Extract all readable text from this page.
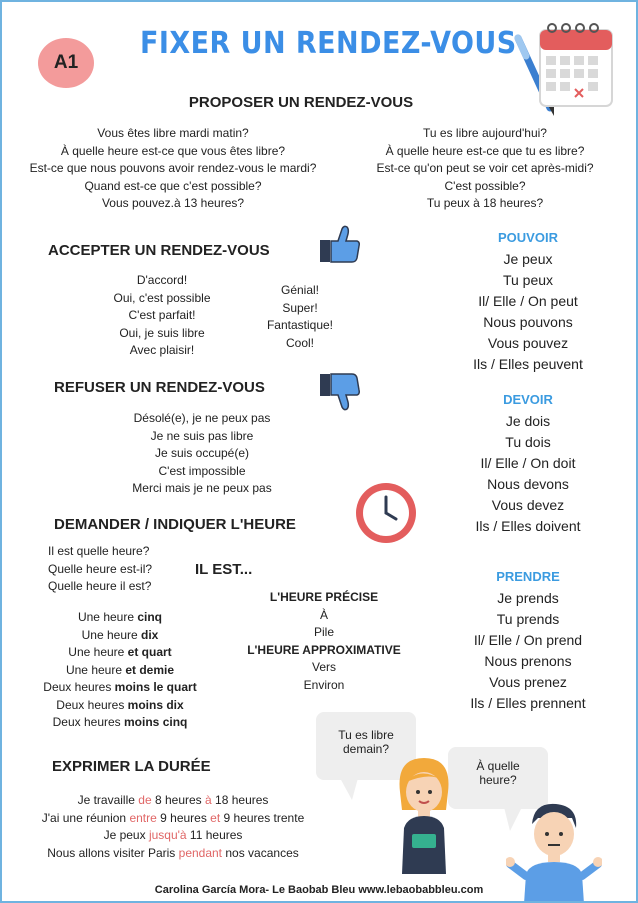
A1
FIXER UN RENDEZ-VOUS
PROPOSER UN RENDEZ-VOUS
Vous êtes libre mardi matin?
À quelle heure est-ce que vous êtes libre?
Est-ce que nous pouvons avoir rendez-vous le mardi?
Quand est-ce que c'est possible?
Vous pouvez.à 13 heures?
Tu es libre aujourd'hui?
À quelle heure est-ce que tu es libre?
Est-ce qu'on peut se voir cet après-midi?
C'est possible?
Tu peux à 18 heures?
ACCEPTER UN RENDEZ-VOUS
D'accord!
Oui, c'est possible
C'est parfait!
Oui, je suis libre
Avec plaisir!
Génial!
Super!
Fantastique!
Cool!
REFUSER UN RENDEZ-VOUS
Désolé(e), je ne peux pas
Je ne suis pas libre
Je suis occupé(e)
C'est impossible
Merci mais je ne peux pas
DEMANDER / INDIQUER L'HEURE
Il est quelle heure?
Quelle heure est-il?
Quelle heure il est?
IL EST...
Une heure cinq
Une heure dix
Une heure et quart
Une heure et demie
Deux heures moins le quart
Deux heures moins dix
Deux heures moins cinq
L'HEURE PRÉCISE
À
Pile
L'HEURE APPROXIMATIVE
Vers
Environ
EXPRIMER LA DURÉE
Je travaille de 8 heures à 18 heures
J'ai une réunion entre 9 heures et 9 heures trente
Je peux jusqu'à 11 heures
Nous allons visiter Paris pendant nos vacances
POUVOIR
Je peux
Tu peux
Il/ Elle / On peut
Nous pouvons
Vous pouvez
Ils / Elles peuvent
DEVOIR
Je dois
Tu dois
Il/ Elle / On doit
Nous devons
Vous devez
Ils / Elles doivent
PRENDRE
Je prends
Tu prends
Il/ Elle / On prend
Nous prenons
Vous prenez
Ils / Elles prennent
Tu es libre demain?
À quelle heure?
Carolina García Mora- Le Baobab Bleu www.lebaobabbleu.com
